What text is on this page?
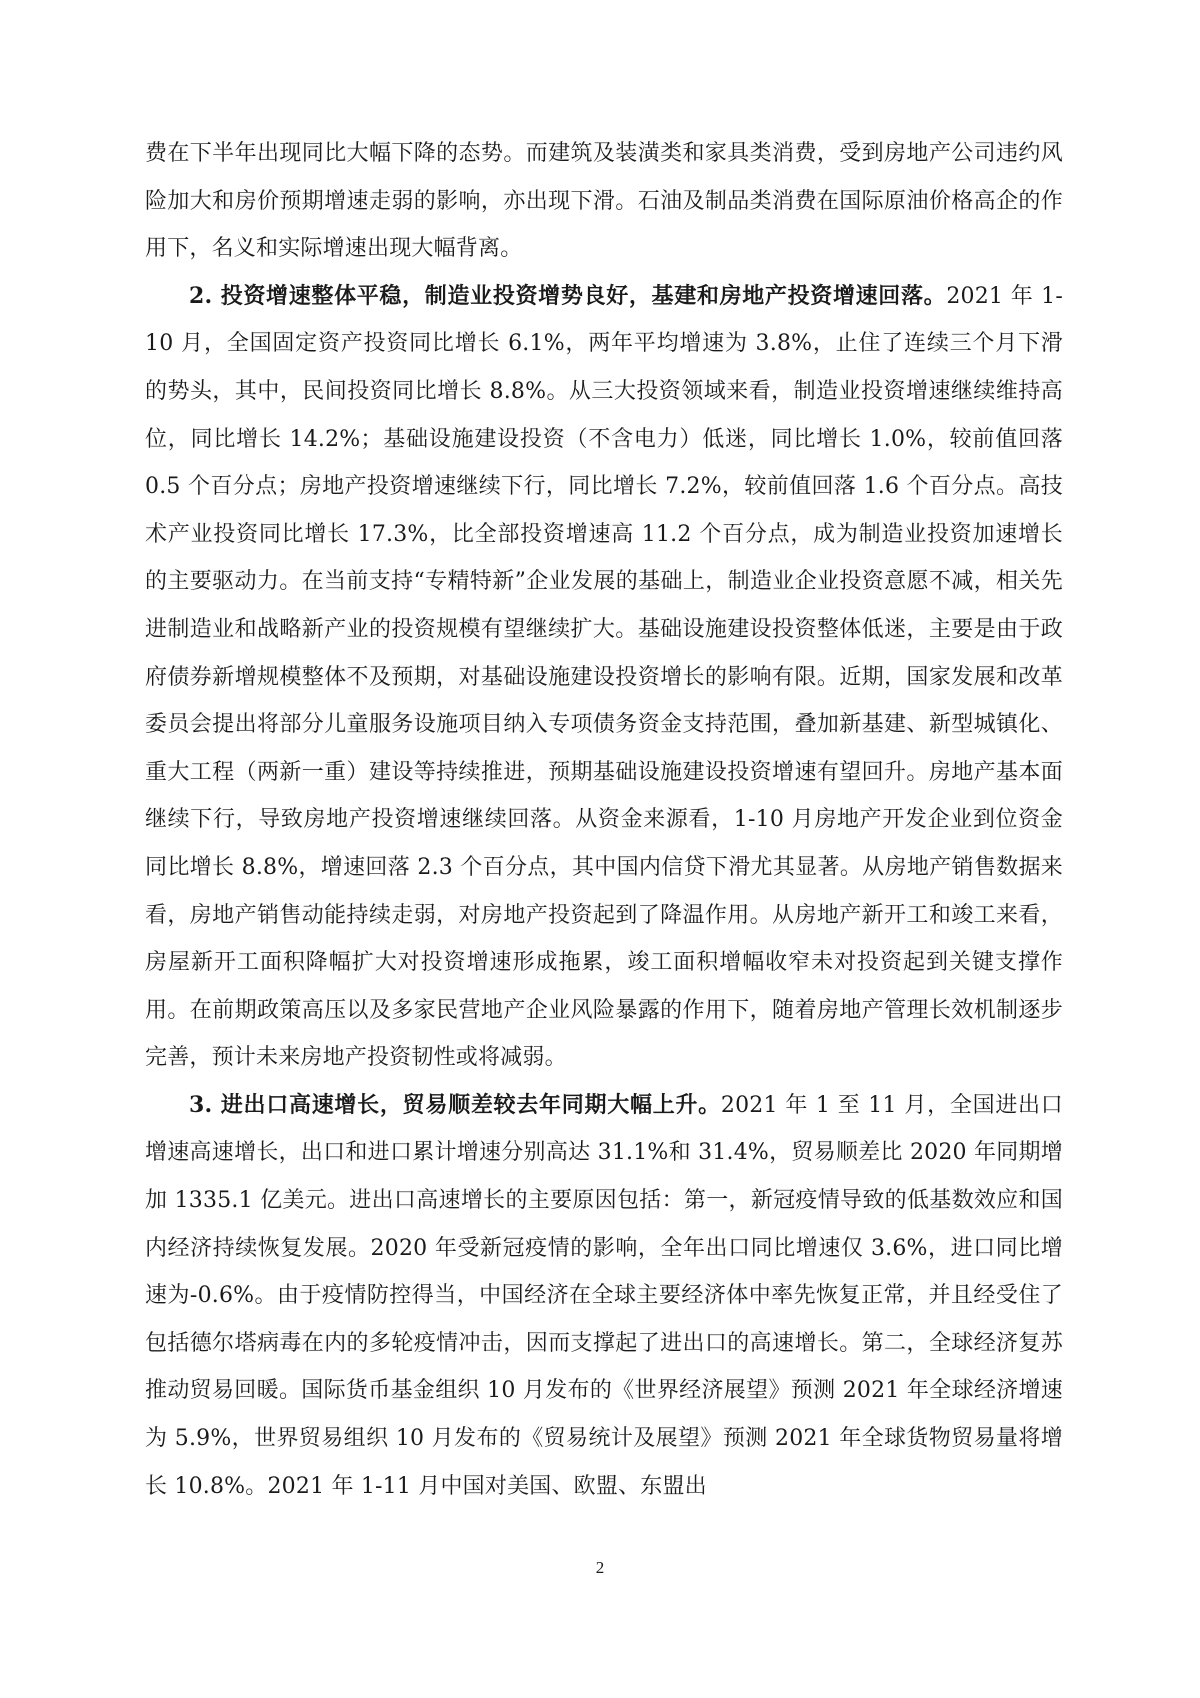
费在下半年出现同比大幅下降的态势。而建筑及装潢类和家具类消费，受到房地产公司违约风险加大和房价预期增速走弱的影响，亦出现下滑。石油及制品类消费在国际原油价格高企的作用下，名义和实际增速出现大幅背离。

2. 投资增速整体平稳，制造业投资增势良好，基建和房地产投资增速回落。2021 年 1-10 月，全国固定资产投资同比增长 6.1%，两年平均增速为 3.8%，止住了连续三个月下滑的势头，其中，民间投资同比增长 8.8%。从三大投资领域来看，制造业投资增速继续维持高位，同比增长 14.2%；基础设施建设投资（不含电力）低迷，同比增长 1.0%，较前值回落 0.5 个百分点；房地产投资增速继续下行，同比增长 7.2%，较前值回落 1.6 个百分点。高技术产业投资同比增长 17.3%，比全部投资增速高 11.2 个百分点，成为制造业投资加速增长的主要驱动力。在当前支持“专精特新”企业发展的基础上，制造业企业投资意愿不减，相关先进制造业和战略新产业的投资规模有望继续扩大。基础设施建设投资整体低迷，主要是由于政府债券新增规模整体不及预期，对基础设施建设投资增长的影响有限。近期，国家发展和改革委员会提出将部分儿童服务设施项目纳入专项债务资金支持范围，叠加新基建、新型城镇化、重大工程（两新一重）建设等持续推进，预期基础设施建设投资增速有望回升。房地产基本面继续下行，导致房地产投资增速继续回落。从资金来源看，1-10 月房地产开发企业到位资金同比增长 8.8%，增速回落 2.3 个百分点，其中国内信贷下滑尤其显著。从房地产销售数据来看，房地产销售动能持续走弱，对房地产投资起到了降温作用。从房地产新开工和竣工来看，房屋新开工面积降幅扩大对投资增速形成拖累，竣工面积增幅收窄未对投资起到关键支撑作用。在前期政策高压以及多家民营地产企业风险暴露的作用下，随着房地产管理长效机制逐步完善，预计未来房地产投资韧性或将减弱。

3. 进出口高速增长，贸易顺差较去年同期大幅上升。2021 年 1 至 11 月，全国进出口增速高速增长，出口和进口累计增速分别高达 31.1%和 31.4%，贸易顺差比 2020 年同期增加 1335.1 亿美元。进出口高速增长的主要原因包括：第一，新冠疫情导致的低基数效应和国内经济持续恢复发展。2020 年受新冠疫情的影响，全年出口同比增速仅 3.6%，进口同比增速为-0.6%。由于疫情防控得当，中国经济在全球主要经济体中率先恢复正常，并且经受住了包括德尔塔病毒在内的多轮疫情冲击，因而支撑起了进出口的高速增长。第二，全球经济复苏推动贸易回暖。国际货币基金组织 10 月发布的《世界经济展望》预测 2021 年全球经济增速为 5.9%，世界贸易组织 10 月发布的《贸易统计及展望》预测 2021 年全球货物贸易量将增长 10.8%。2021 年 1-11 月中国对美国、欧盟、东盟出

2
